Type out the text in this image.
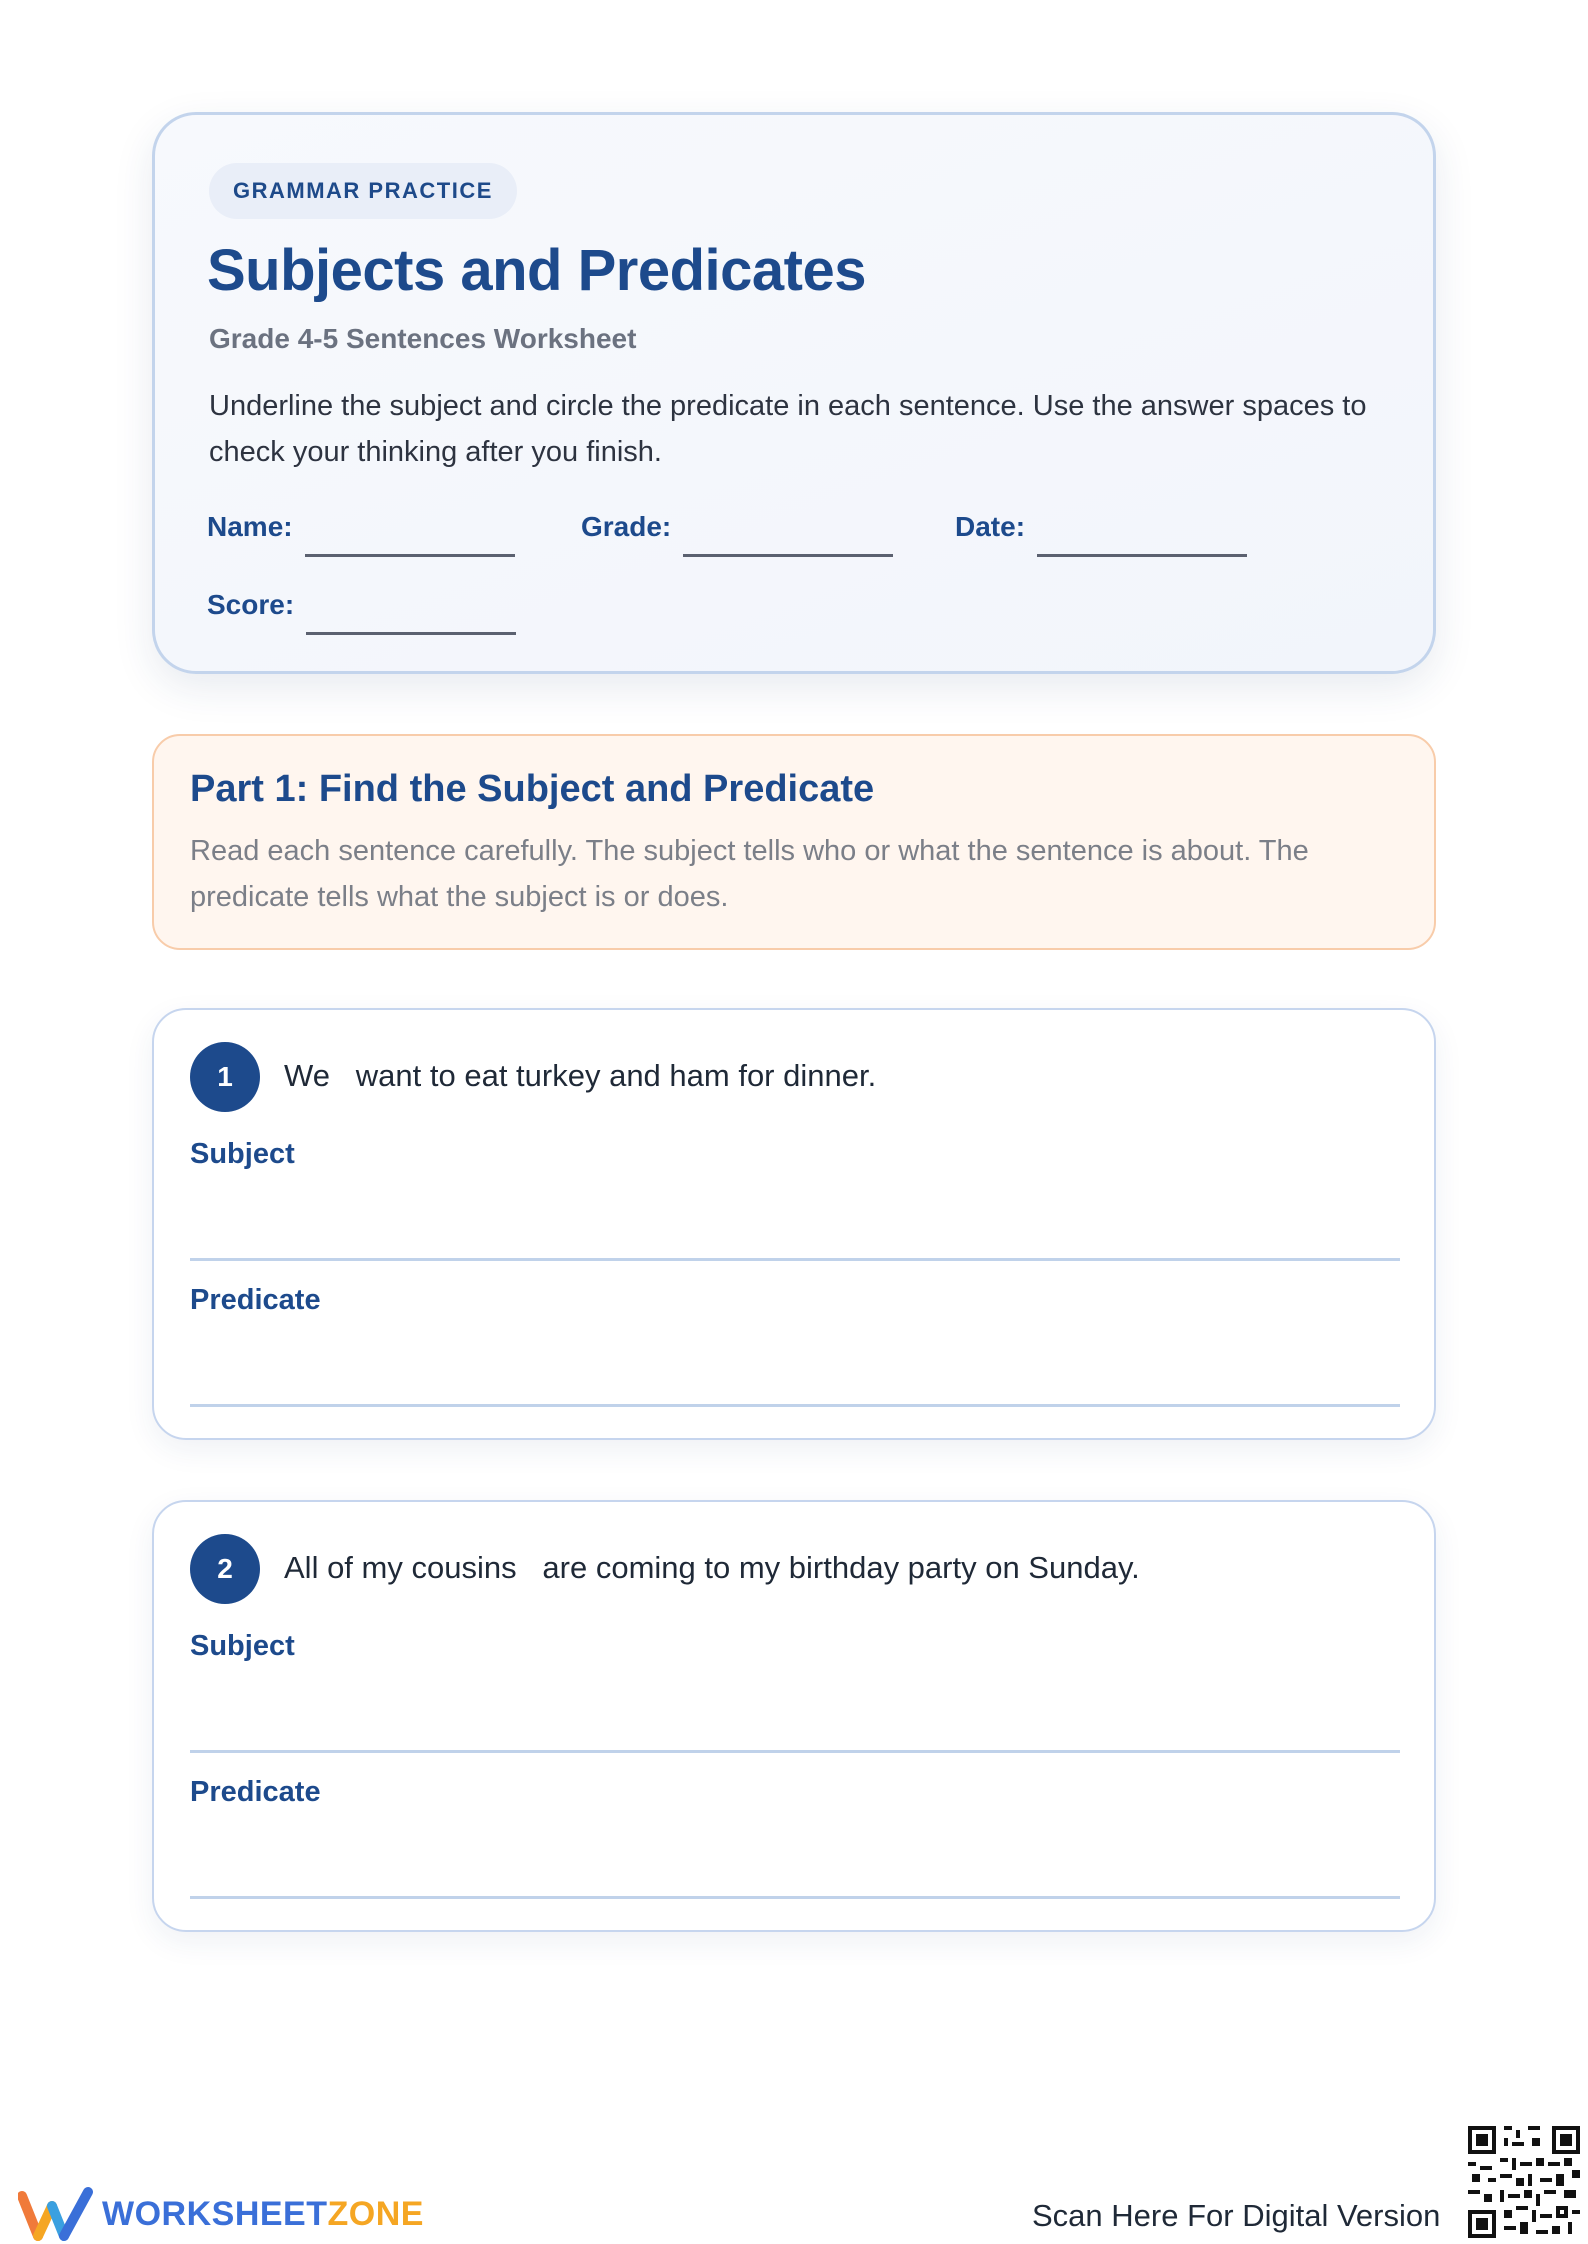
GRAMMAR PRACTICE
Subjects and Predicates
Grade 4-5 Sentences Worksheet
Underline the subject and circle the predicate in each sentence. Use the answer spaces to check your thinking after you finish.
Name:	Grade:	Date:
Score:
Part 1: Find the Subject and Predicate
Read each sentence carefully. The subject tells who or what the sentence is about. The predicate tells what the subject is or does.
1	We   want to eat turkey and ham for dinner.
Subject
Predicate
2	All of my cousins   are coming to my birthday party on Sunday.
Subject
Predicate
WORKSHEETZONE	Scan Here For Digital Version
